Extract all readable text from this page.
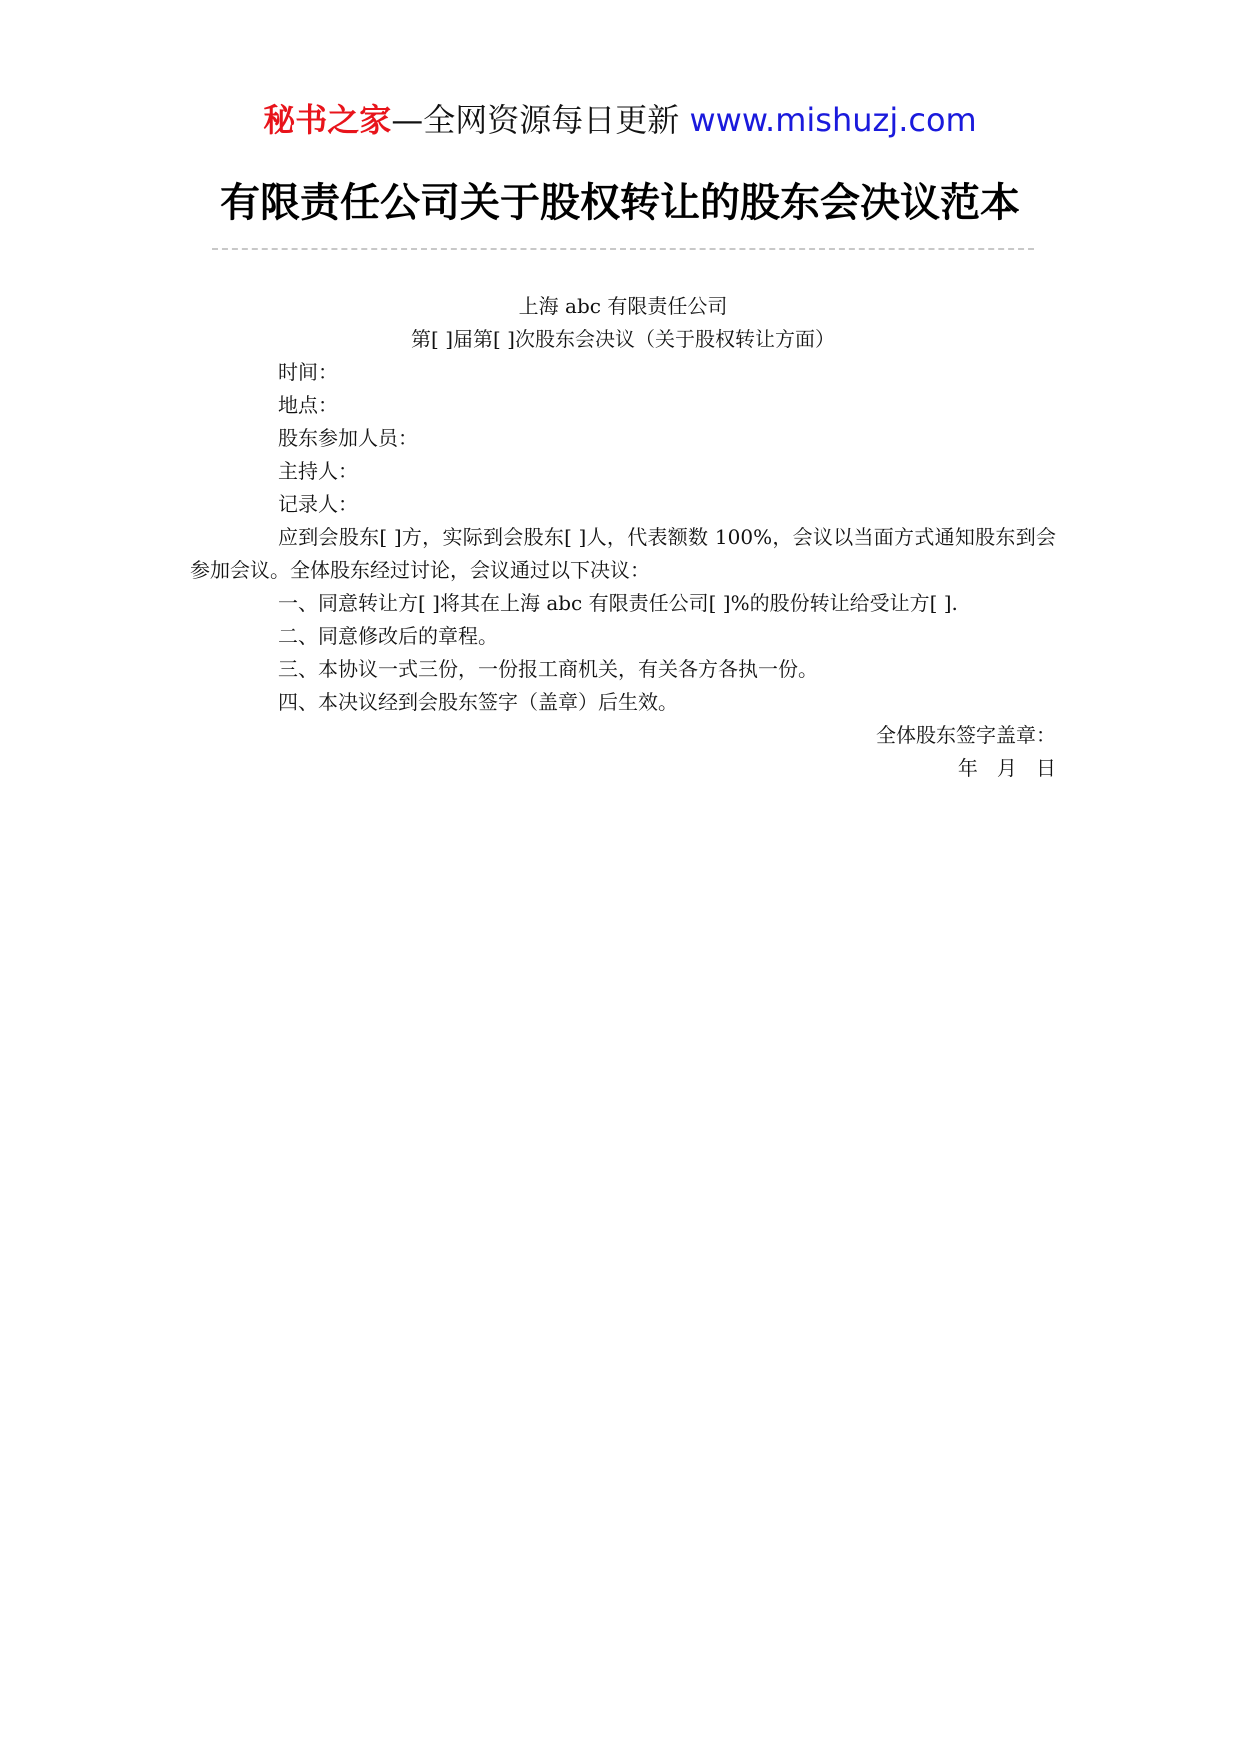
秘书之家—全网资源每日更新 www.mishuzj.com
有限责任公司关于股权转让的股东会决议范本
上海 abc 有限责任公司
第[ ]届第[ ]次股东会决议（关于股权转让方面）
时间：
地点：
股东参加人员：
主持人：
记录人：
应到会股东[ ]方，实际到会股东[ ]人，代表额数 100%，会议以当面方式通知股东到会参加会议。全体股东经过讨论，会议通过以下决议：
一、同意转让方[ ]将其在上海 abc 有限责任公司[ ]%的股份转让给受让方[ ].
二、同意修改后的章程。
三、本协议一式三份，一份报工商机关，有关各方各执一份。
四、本决议经到会股东签字（盖章）后生效。
全体股东签字盖章：
年   月   日
